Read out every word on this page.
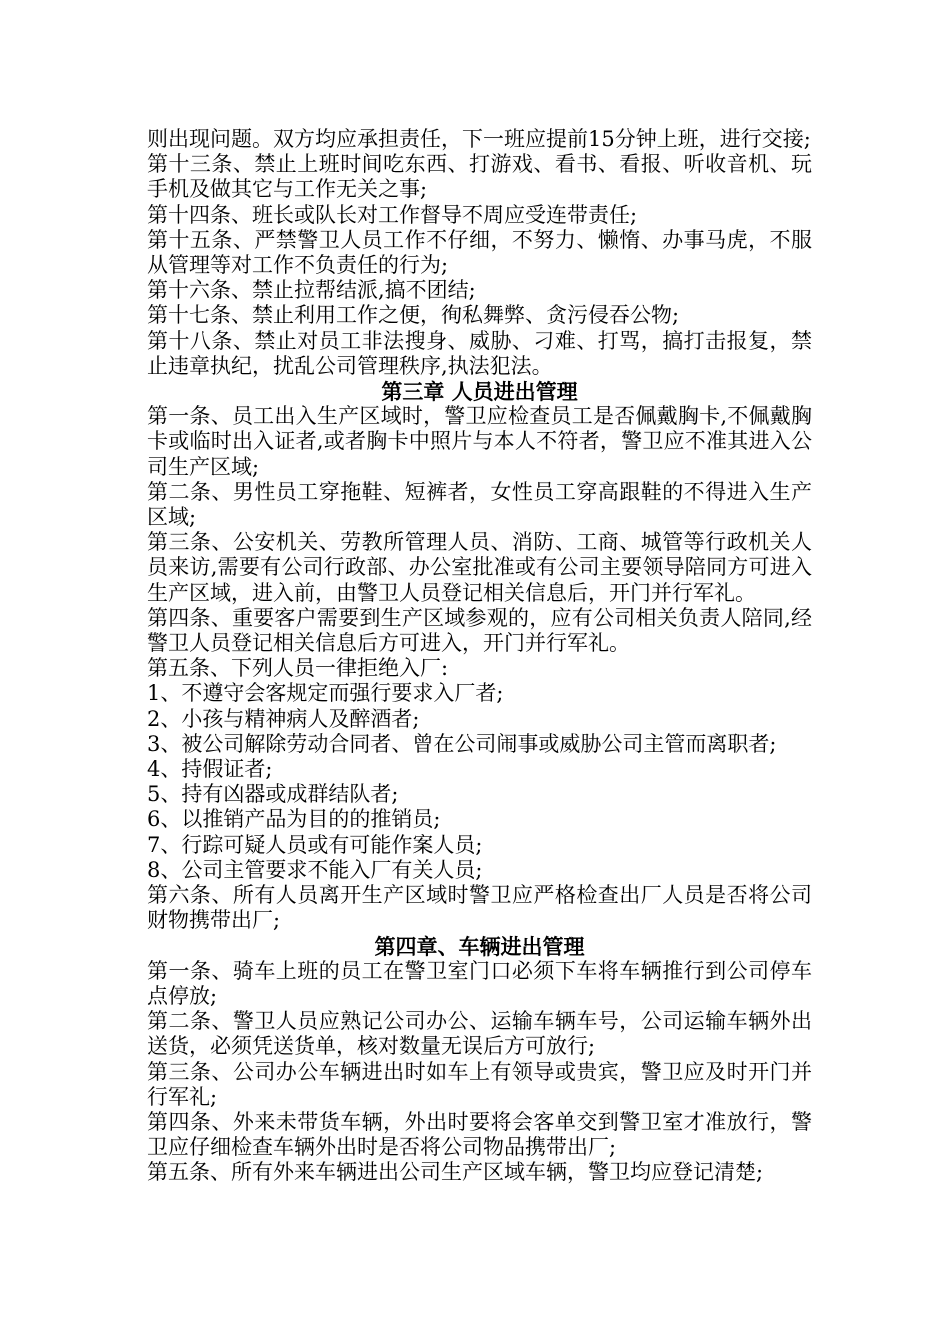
则出现问题。双方均应承担责任，下一班应提前15分钟上班，进行交接;

第十三条、禁止上班时间吃东西、打游戏、看书、看报、听收音机、玩手机及做其它与工作无关之事;

第十四条、班长或队长对工作督导不周应受连带责任;

第十五条、严禁警卫人员工作不仔细，不努力、懒惰、办事马虎，不服从管理等对工作不负责任的行为;

第十六条、禁止拉帮结派,搞不团结;

第十七条、禁止利用工作之便，徇私舞弊、贪污侵吞公物;

第十八条、禁止对员工非法搜身、威胁、刁难、打骂，搞打击报复，禁止违章执纪，扰乱公司管理秩序,执法犯法。

第三章 人员进出管理

第一条、员工出入生产区域时，警卫应检查员工是否佩戴胸卡,不佩戴胸卡或临时出入证者,或者胸卡中照片与本人不符者，警卫应不准其进入公司生产区域;

第二条、男性员工穿拖鞋、短裤者，女性员工穿高跟鞋的不得进入生产区域;

第三条、公安机关、劳教所管理人员、消防、工商、城管等行政机关人员来访,需要有公司行政部、办公室批准或有公司主要领导陪同方可进入生产区域，进入前，由警卫人员登记相关信息后，开门并行军礼。

第四条、重要客户需要到生产区域参观的，应有公司相关负责人陪同,经警卫人员登记相关信息后方可进入，开门并行军礼。

第五条、下列人员一律拒绝入厂:

1、不遵守会客规定而强行要求入厂者;

2、小孩与精神病人及醉酒者;

3、被公司解除劳动合同者、曾在公司闹事或威胁公司主管而离职者;

4、持假证者;

5、持有凶器或成群结队者;

6、以推销产品为目的的推销员;

7、行踪可疑人员或有可能作案人员;

8、公司主管要求不能入厂有关人员;

第六条、所有人员离开生产区域时警卫应严格检查出厂人员是否将公司财物携带出厂;

第四章、车辆进出管理

第一条、骑车上班的员工在警卫室门口必须下车将车辆推行到公司停车点停放;

第二条、警卫人员应熟记公司办公、运输车辆车号，公司运输车辆外出送货，必须凭送货单，核对数量无误后方可放行;

第三条、公司办公车辆进出时如车上有领导或贵宾，警卫应及时开门并行军礼;

第四条、外来未带货车辆，外出时要将会客单交到警卫室才准放行，警卫应仔细检查车辆外出时是否将公司物品携带出厂;

第五条、所有外来车辆进出公司生产区域车辆，警卫均应登记清楚;
